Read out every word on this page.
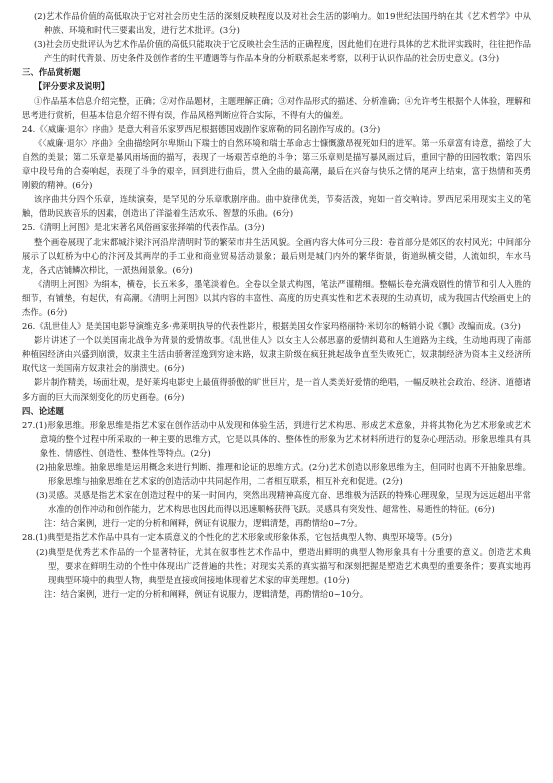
(2)艺术作品价值的高低取决于它对社会历史生活的深刻反映程度以及对社会生活的影响力。如19世纪法国丹纳在其《艺术哲学》中从种族、环境和时代三要素出发，进行艺术批评。(3分)

(3)社会历史批评认为艺术作品价值的高低只能取决于它反映社会生活的正确程度，因此他们在进行具体的艺术批评实践时，往往把作品产生的时代背景、历史条件及创作者的生平遭遇等与作品本身的分析联系起来考察，以利于认识作品的社会历史意义。(3分)

三、作品赏析题

【评分要求及说明】

①作品基本信息介绍完整，正确；②对作品题材，主题理解正确；③对作品形式的描述、分析准确；④允许考生根据个人体验，理解和思考进行赏析，但基本信息介绍不得有误，作品风格判断应符合实际，不得有大的偏差。

24.《〈威廉·退尔〉序曲》是意大利音乐家罗西尼根据德国戏剧作家席勒的同名剧作写成的。(3分)

《〈威廉·退尔〉序曲》全曲描绘阿尔卑斯山下瑞士的自然环境和瑞士革命志士慷慨激昂视死如归的进军。第一乐章富有诗意，描绘了大自然的美景；第二乐章是暴风雨场面的描写，表现了一场艰苦卓绝的斗争；第三乐章则是描写暴风雨过后，重回宁静的田园牧歌；第四乐章中段号角的合奏响起，表现了斗争的艰辛，回到进行曲后，贯入全曲的最高潮，最后在兴奋与快乐之情的尾声上结束，富于热情和英勇刚毅的精神。(6分)

该序曲共分四个乐章，连续演奏，是罕见的分乐章歌剧序曲。曲中旋律优美，节奏活泼，宛如一首交响诗。罗西尼采用现实主义的笔触，借助民族音乐的因素，创造出了洋溢着生活欢乐、智慧的乐曲。(6分)

25.《清明上河图》是北宋著名风俗画家张择端的代表作品。(3分)

整个画卷展现了北宋都城汴梁汴河沿岸清明时节的繁荣市井生活风貌。全画内容大体可分三段：卷首部分是郊区的农村风光；中间部分展示了以虹桥为中心的汴河及其两岸的手工业和商业贸易活动景象；最后则是城门内外的繁华街景，街道纵横交错，人流如织，车水马龙，各式店铺鳞次栉比，一派热闹景象。(6分)

《清明上河图》为绢本，横卷，长五米多，墨笔淡着色。全卷以全景式构图，笔法严谨精细。整幅长卷充满戏剧性的情节和引人入胜的细节，有铺垫，有起伏，有高潮。《清明上河图》以其内容的丰富性、高度的历史真实性和艺术表现的生动真切，成为我国古代绘画史上的杰作。(6分)

26.《乱世佳人》是美国电影导演维克多·弗莱明执导的代表性影片，根据美国女作家玛格丽特·米切尔的畅销小说《飘》改编而成。(3分)

影片讲述了一个以美国南北战争为背景的爱情故事。《乱世佳人》以女主人公郝思嘉的爱情纠葛和人生道路为主线，生动地再现了南部种植园经济由兴盛到崩溃，奴隶主生活由骄奢淫逸到穷途末路，奴隶主阶级在疯狂挑起战争直至失败死亡，奴隶制经济为资本主义经济所取代这一美国南方奴隶社会的崩溃史。(6分)

影片制作精美，场面壮观，是好莱坞电影史上最值得骄傲的旷世巨片，是一首人类美好爱情的绝唱，一幅反映社会政治、经济、道德诸多方面的巨大而深刻变化的历史画卷。(6分)

四、论述题

27.(1)形象思维。形象思维是指艺术家在创作活动中从发现和体验生活，到进行艺术构思、形成艺术意象，并将其物化为艺术形象或艺术意境的整个过程中所采取的一种主要的思维方式，它是以具体的、整体性的形象为艺术材料所进行的复杂心理活动。形象思维具有具象性、情感性、创造性、整体性等特点。(2分)

(2)抽象思维。抽象思维是运用概念来进行判断、推理和论证的思维方式。(2分)艺术创造以形象思维为主，但同时也离不开抽象思维。形象思维与抽象思维在艺术家的创造活动中共同起作用，二者相互联系，相互补充和促进。(2分)

(3)灵感。灵感是指艺术家在创造过程中的某一时间内，突然出现精神高度亢奋、思维极为活跃的特殊心理现象，呈现为远远超出平常水准的创作冲动和创作能力，艺术构思也因此而得以迅速顺畅获得飞跃。灵感具有突发性、超常性、易逝性的特征。(6分)

注：结合案例，进行一定的分析和阐释，例证有说服力，逻辑清楚，再酌情给0~7分。

28.(1)典型是指艺术作品中具有一定本质意义的个性化的艺术形象或形象体系，它包括典型人物、典型环境等。(5分)

(2)典型是优秀艺术作品的一个显著特征，尤其在叙事性艺术作品中，塑造出鲜明的典型人物形象具有十分重要的意义。创造艺术典型，要求在鲜明生动的个性中体现出广泛普遍的共性；对现实关系的真实描写和深刻把握是塑造艺术典型的重要条件；要真实地再现典型环境中的典型人物，典型是直接或间接地体现着艺术家的审美理想。(10分)

注：结合案例，进行一定的分析和阐释，例证有说服力，逻辑清楚，再酌情给0~10分。
